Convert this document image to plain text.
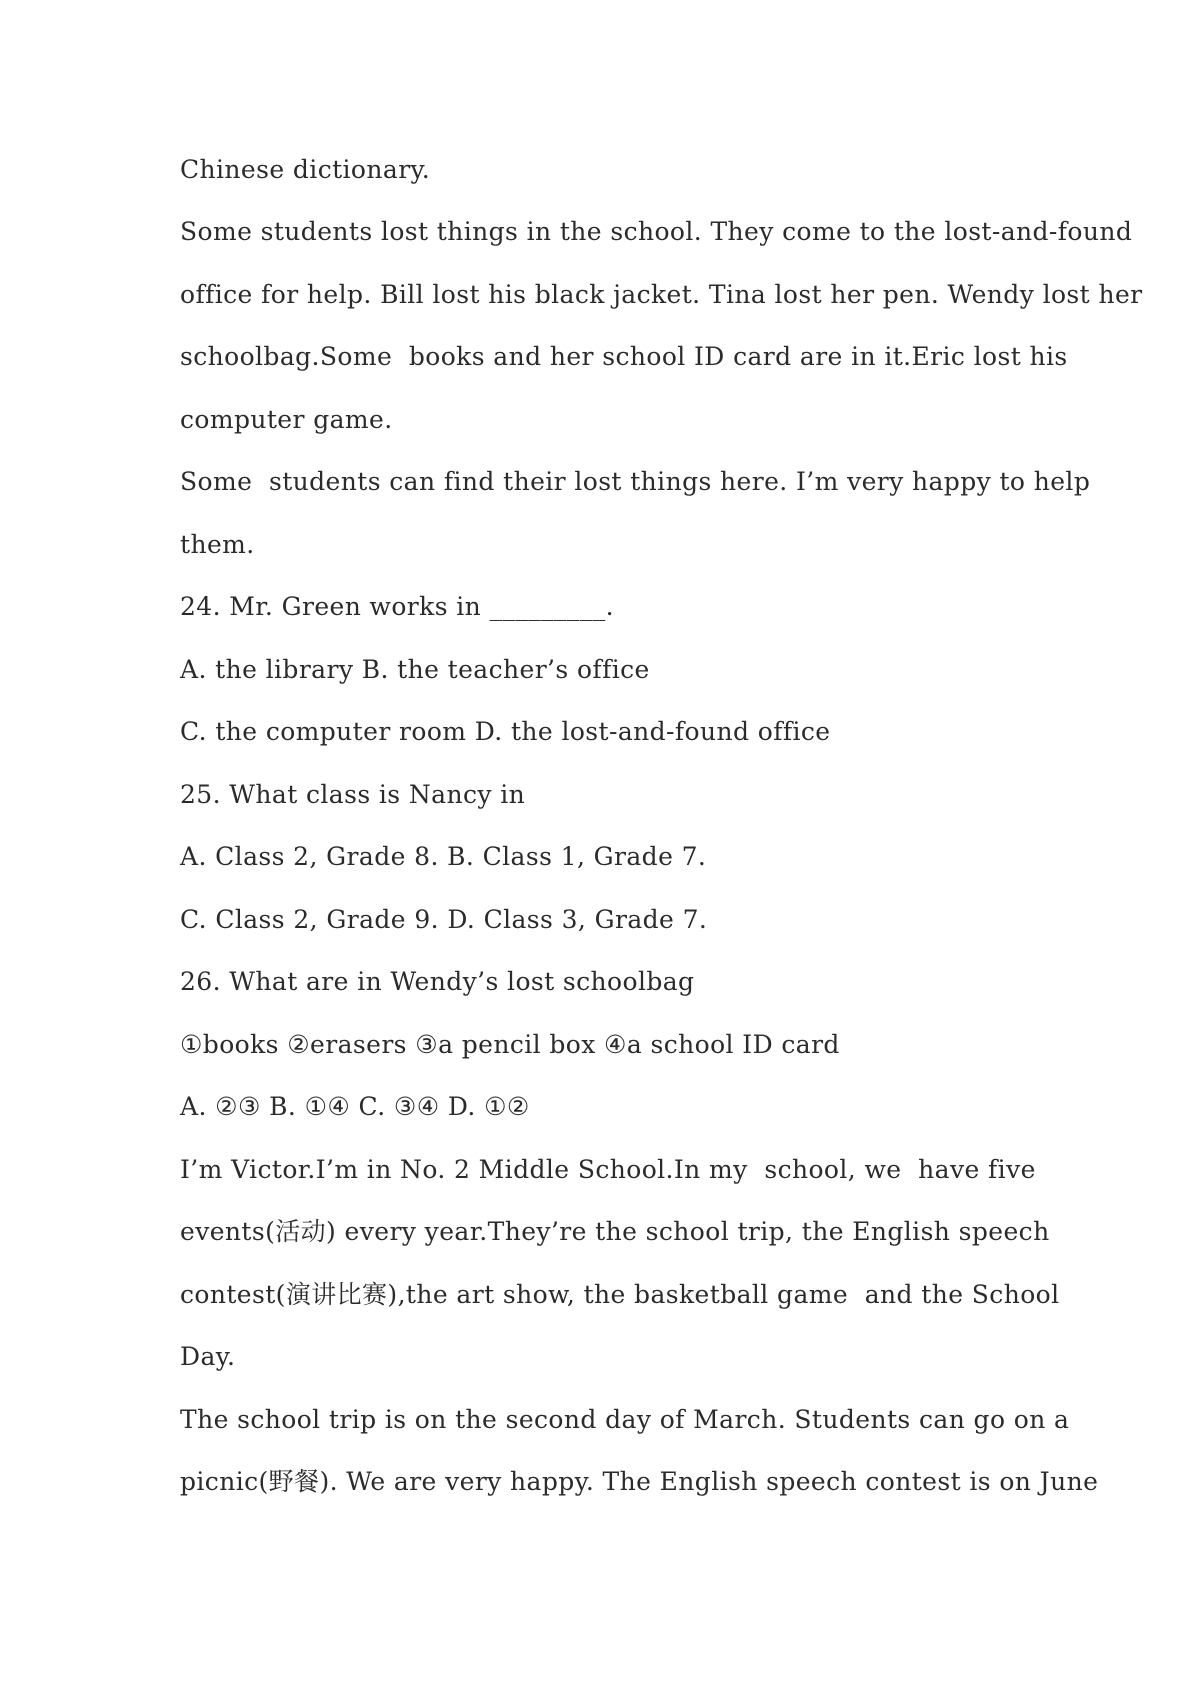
Chinese dictionary.
Some students lost things in the school. They come to the lost-and-found
office for help. Bill lost his black jacket. Tina lost her pen. Wendy lost her
schoolbag.Some  books and her school ID card are in it.Eric lost his
computer game.
Some  students can find their lost things here. I’m very happy to help
them.
24. Mr. Green works in _________.
A. the library B. the teacher’s office
C. the computer room D. the lost-and-found office
25. What class is Nancy in
A. Class 2, Grade 8. B. Class 1, Grade 7.
C. Class 2, Grade 9. D. Class 3, Grade 7.
26. What are in Wendy’s lost schoolbag
①books ②erasers ③a pencil box ④a school ID card
A. ②③ B. ①④ C. ③④ D. ①②
I’m Victor.I’m in No. 2 Middle School.In my  school, we  have five
events(活动) every year.They’re the school trip, the English speech
contest(演讲比赛),the art show, the basketball game  and the School
Day.
The school trip is on the second day of March. Students can go on a
picnic(野餐). We are very happy. The English speech contest is on June
